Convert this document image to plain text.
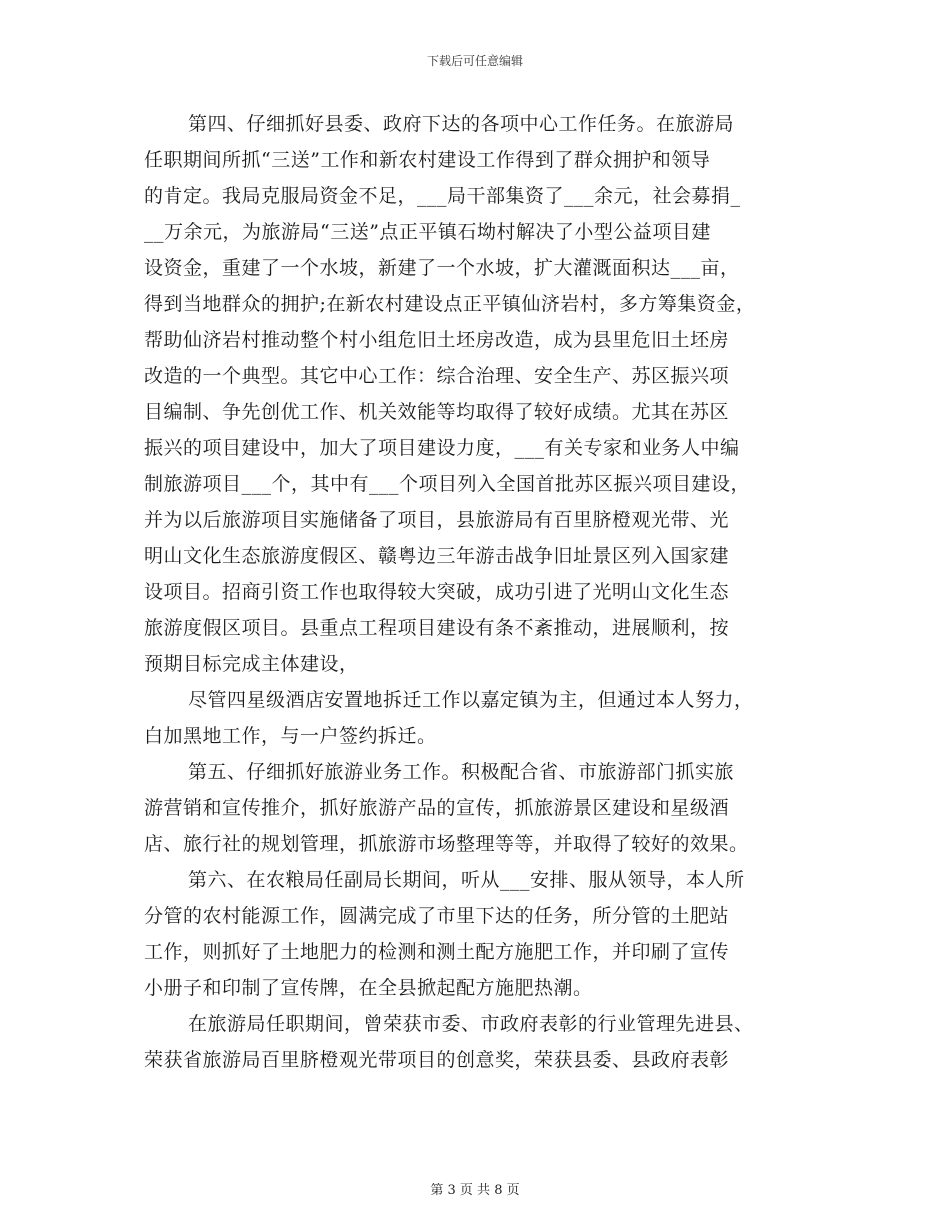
下载后可任意编辑
第四、仔细抓好县委、政府下达的各项中心工作任务。在旅游局
任职期间所抓“三送”工作和新农村建设工作得到了群众拥护和领导
的肯定。我局克服局资金不足，___局干部集资了___余元，社会募捐_
__万余元，为旅游局“三送”点正平镇石坳村解决了小型公益项目建
设资金，重建了一个水坡，新建了一个水坡，扩大灌溉面积达___亩，
得到当地群众的拥护;在新农村建设点正平镇仙济岩村，多方筹集资金，
帮助仙济岩村推动整个村小组危旧土坯房改造，成为县里危旧土坯房
改造的一个典型。其它中心工作：综合治理、安全生产、苏区振兴项
目编制、争先创优工作、机关效能等均取得了较好成绩。尤其在苏区
振兴的项目建设中，加大了项目建设力度，___有关专家和业务人中编
制旅游项目___个，其中有___个项目列入全国首批苏区振兴项目建设，
并为以后旅游项目实施储备了项目，县旅游局有百里脐橙观光带、光
明山文化生态旅游度假区、赣粤边三年游击战争旧址景区列入国家建
设项目。招商引资工作也取得较大突破，成功引进了光明山文化生态
旅游度假区项目。县重点工程项目建设有条不紊推动，进展顺利，按
预期目标完成主体建设，
尽管四星级酒店安置地拆迁工作以嘉定镇为主，但通过本人努力，
白加黑地工作，与一户签约拆迁。
第五、仔细抓好旅游业务工作。积极配合省、市旅游部门抓实旅
游营销和宣传推介，抓好旅游产品的宣传，抓旅游景区建设和星级酒
店、旅行社的规划管理，抓旅游市场整理等等，并取得了较好的效果。
第六、在农粮局任副局长期间，听从___安排、服从领导，本人所
分管的农村能源工作，圆满完成了市里下达的任务，所分管的土肥站
工作，则抓好了土地肥力的检测和测土配方施肥工作，并印刷了宣传
小册子和印制了宣传牌，在全县掀起配方施肥热潮。
在旅游局任职期间，曾荣获市委、市政府表彰的行业管理先进县、
荣获省旅游局百里脐橙观光带项目的创意奖，荣获县委、县政府表彰
第 3 页 共 8 页
